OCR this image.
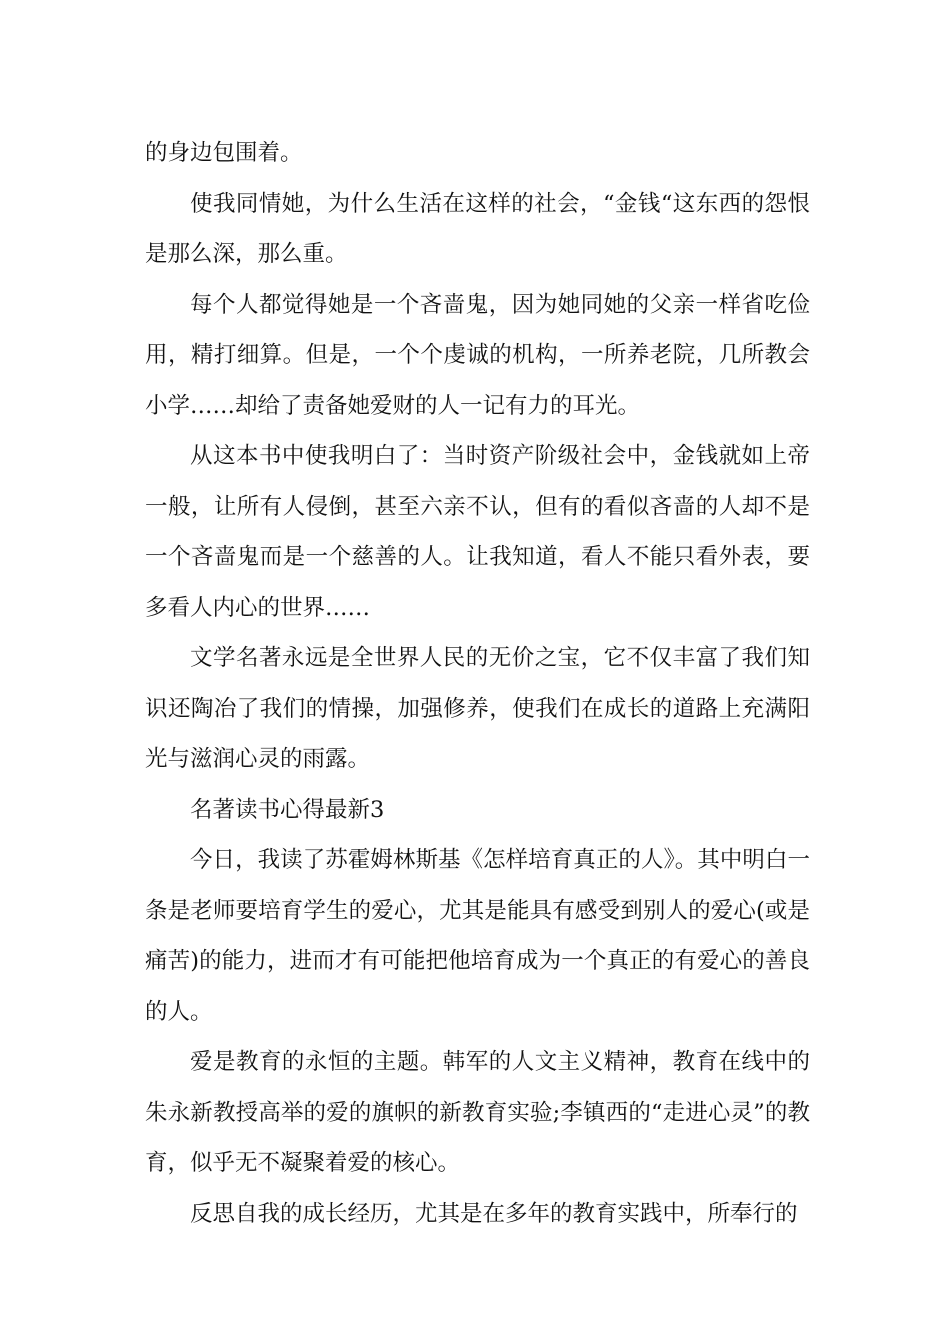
的身边包围着。

使我同情她，为什么生活在这样的社会，“金钱“这东西的怨恨是那么深，那么重。

每个人都觉得她是一个吝啬鬼，因为她同她的父亲一样省吃俭用，精打细算。但是，一个个虔诚的机构，一所养老院，几所教会小学……却给了责备她爱财的人一记有力的耳光。

从这本书中使我明白了：当时资产阶级社会中，金钱就如上帝一般，让所有人侵倒，甚至六亲不认，但有的看似吝啬的人却不是一个吝啬鬼而是一个慈善的人。让我知道，看人不能只看外表，要多看人内心的世界……

文学名著永远是全世界人民的无价之宝，它不仅丰富了我们知识还陶冶了我们的情操，加强修养，使我们在成长的道路上充满阳光与滋润心灵的雨露。

名著读书心得最新3

今日，我读了苏霍姆林斯基《怎样培育真正的人》。其中明白一条是老师要培育学生的爱心，尤其是能具有感受到别人的爱心(或是痛苦)的能力，进而才有可能把他培育成为一个真正的有爱心的善良的人。

爱是教育的永恒的主题。韩军的人文主义精神，教育在线中的朱永新教授高举的爱的旗帜的新教育实验;李镇西的“走进心灵”的教育，似乎无不凝聚着爱的核心。

反思自我的成长经历，尤其是在多年的教育实践中，所奉行的
